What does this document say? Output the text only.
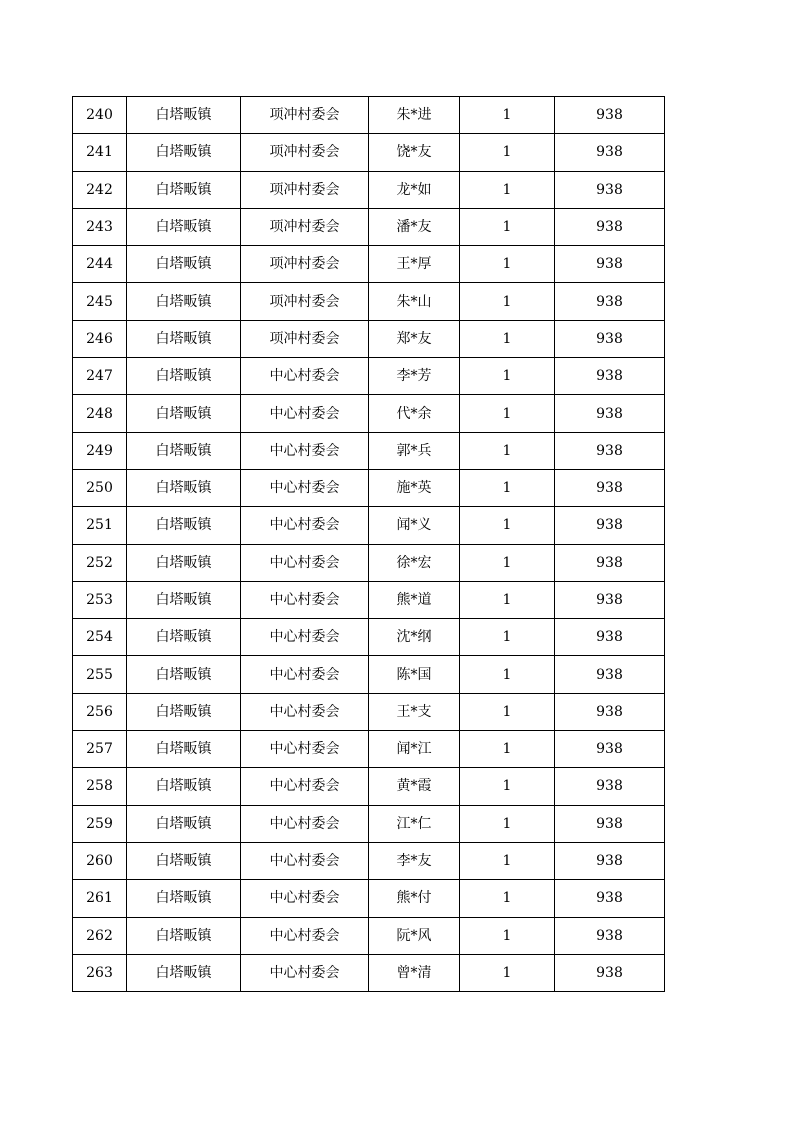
240	白塔畈镇	项冲村委会	朱*进	1	938
241	白塔畈镇	项冲村委会	饶*友	1	938
242	白塔畈镇	项冲村委会	龙*如	1	938
243	白塔畈镇	项冲村委会	潘*友	1	938
244	白塔畈镇	项冲村委会	王*厚	1	938
245	白塔畈镇	项冲村委会	朱*山	1	938
246	白塔畈镇	项冲村委会	郑*友	1	938
247	白塔畈镇	中心村委会	李*芳	1	938
248	白塔畈镇	中心村委会	代*余	1	938
249	白塔畈镇	中心村委会	郭*兵	1	938
250	白塔畈镇	中心村委会	施*英	1	938
251	白塔畈镇	中心村委会	闻*义	1	938
252	白塔畈镇	中心村委会	徐*宏	1	938
253	白塔畈镇	中心村委会	熊*道	1	938
254	白塔畈镇	中心村委会	沈*纲	1	938
255	白塔畈镇	中心村委会	陈*国	1	938
256	白塔畈镇	中心村委会	王*支	1	938
257	白塔畈镇	中心村委会	闻*江	1	938
258	白塔畈镇	中心村委会	黄*霞	1	938
259	白塔畈镇	中心村委会	江*仁	1	938
260	白塔畈镇	中心村委会	李*友	1	938
261	白塔畈镇	中心村委会	熊*付	1	938
262	白塔畈镇	中心村委会	阮*风	1	938
263	白塔畈镇	中心村委会	曾*清	1	938
